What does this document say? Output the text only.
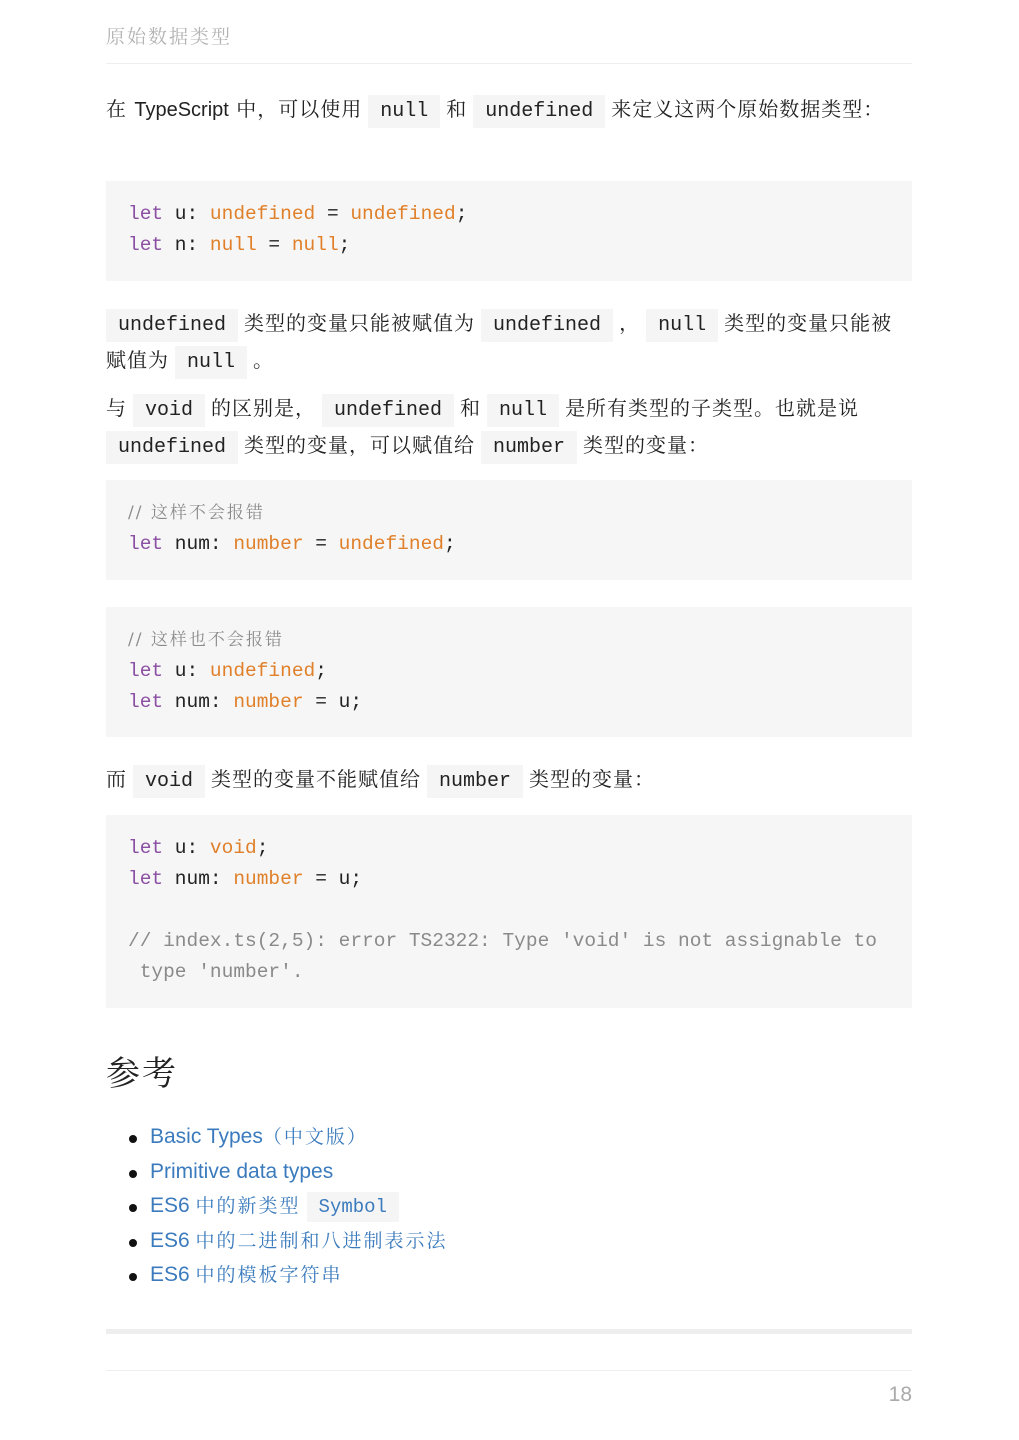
原始数据类型
在 TypeScript 中，可以使用 null 和 undefined 来定义这两个原始数据类型：
let u: undefined = undefined;
let n: null = null;
undefined 类型的变量只能被赋值为 undefined ， null 类型的变量只能被赋值为 null 。
与 void 的区别是， undefined 和 null 是所有类型的子类型。也就是说undefined 类型的变量，可以赋值给 number 类型的变量：
// 这样不会报错
let num: number = undefined;
// 这样也不会报错
let u: undefined;
let num: number = u;
而 void 类型的变量不能赋值给 number 类型的变量：
let u: void;
let num: number = u;

// index.ts(2,5): error TS2322: Type 'void' is not assignable to
type 'number'.
参考
Basic Types（中文版）
Primitive data types
ES6 中的新类型 Symbol
ES6 中的二进制和八进制表示法
ES6 中的模板字符串
18
